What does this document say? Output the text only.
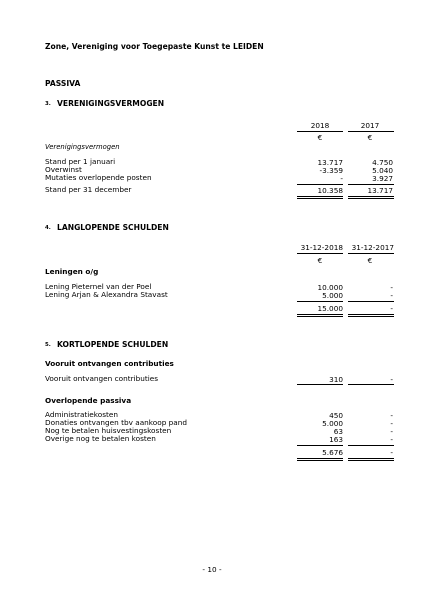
Zone, Vereniging voor Toegepaste Kunst te LEIDEN
PASSIVA
3. VERENIGINGSVERMOGEN
2018	2017
€	€
Verenigingsvermogen
Stand per 1 januari	13.717	4.750
Overwinst	-3.359	5.040
Mutaties overlopende posten	-	3.927
Stand per 31 december	10.358	13.717
4. LANGLOPENDE SCHULDEN
31-12-2018	31-12-2017
€	€
Leningen o/g
Lening Pieternel van der Poel	10.000	-
Lening Arjan & Alexandra Stavast	5.000	-
15.000	-
5. KORTLOPENDE SCHULDEN
Vooruit ontvangen contributies
Vooruit ontvangen contributies	310	-
Overlopende passiva
Administratiekosten	450	-
Donaties ontvangen tbv aankoop pand	5.000	-
Nog te betalen huisvestingskosten	63	-
Overige nog te betalen kosten	163	-
5.676	-
- 10 -
